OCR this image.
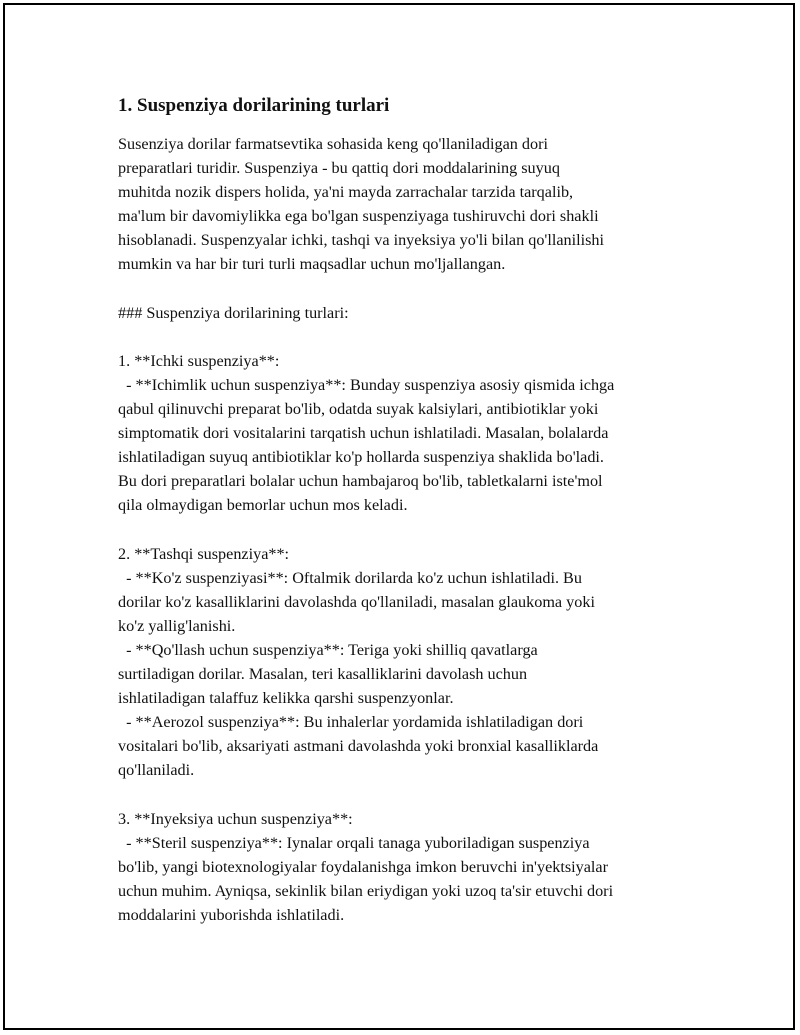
1. Suspenziya dorilarining turlari
Susenziya dorilar farmatsevtika sohasida keng qo'llaniladigan dori
preparatlari turidir. Suspenziya - bu qattiq dori moddalarining suyuq
muhitda nozik dispers holida, ya'ni mayda zarrachalar tarzida tarqalib,
ma'lum bir davomiylikka ega bo'lgan suspenziyaga tushiruvchi dori shakli
hisoblanadi. Suspenzyalar ichki, tashqi va inyeksiya yo'li bilan qo'llanilishi
mumkin va har bir turi turli maqsadlar uchun mo'ljallangan.
### Suspenziya dorilarining turlari:
1. **Ichki suspenziya**:
- **Ichimlik uchun suspenziya**: Bunday suspenziya asosiy qismida ichga
qabul qilinuvchi preparat bo'lib, odatda suyak kalsiylari, antibiotiklar yoki
simptomatik dori vositalarini tarqatish uchun ishlatiladi. Masalan, bolalarda
ishlatiladigan suyuq antibiotiklar ko'p hollarda suspenziya shaklida bo'ladi.
Bu dori preparatlari bolalar uchun hambajaroq bo'lib, tabletkalarni iste'mol
qila olmaydigan bemorlar uchun mos keladi.
2. **Tashqi suspenziya**:
- **Ko'z suspenziyasi**: Oftalmik dorilarda ko'z uchun ishlatiladi. Bu
dorilar ko'z kasalliklarini davolashda qo'llaniladi, masalan glaukoma yoki
ko'z yallig'lanishi.
- **Qo'llash uchun suspenziya**: Teriga yoki shilliq qavatlarga
surtiladigan dorilar. Masalan, teri kasalliklarini davolash uchun
ishlatiladigan talaffuz kelikka qarshi suspenzyonlar.
- **Aerozol suspenziya**: Bu inhalerlar yordamida ishlatiladigan dori
vositalari bo'lib, aksariyati astmani davolashda yoki bronxial kasalliklarda
qo'llaniladi.
3. **Inyeksiya uchun suspenziya**:
- **Steril suspenziya**: Iynalar orqali tanaga yuboriladigan suspenziya
bo'lib, yangi biotexnologiyalar foydalanishga imkon beruvchi in'yektsiyalar
uchun muhim. Ayniqsa, sekinlik bilan eriydigan yoki uzoq ta'sir etuvchi dori
moddalarini yuborishda ishlatiladi.
